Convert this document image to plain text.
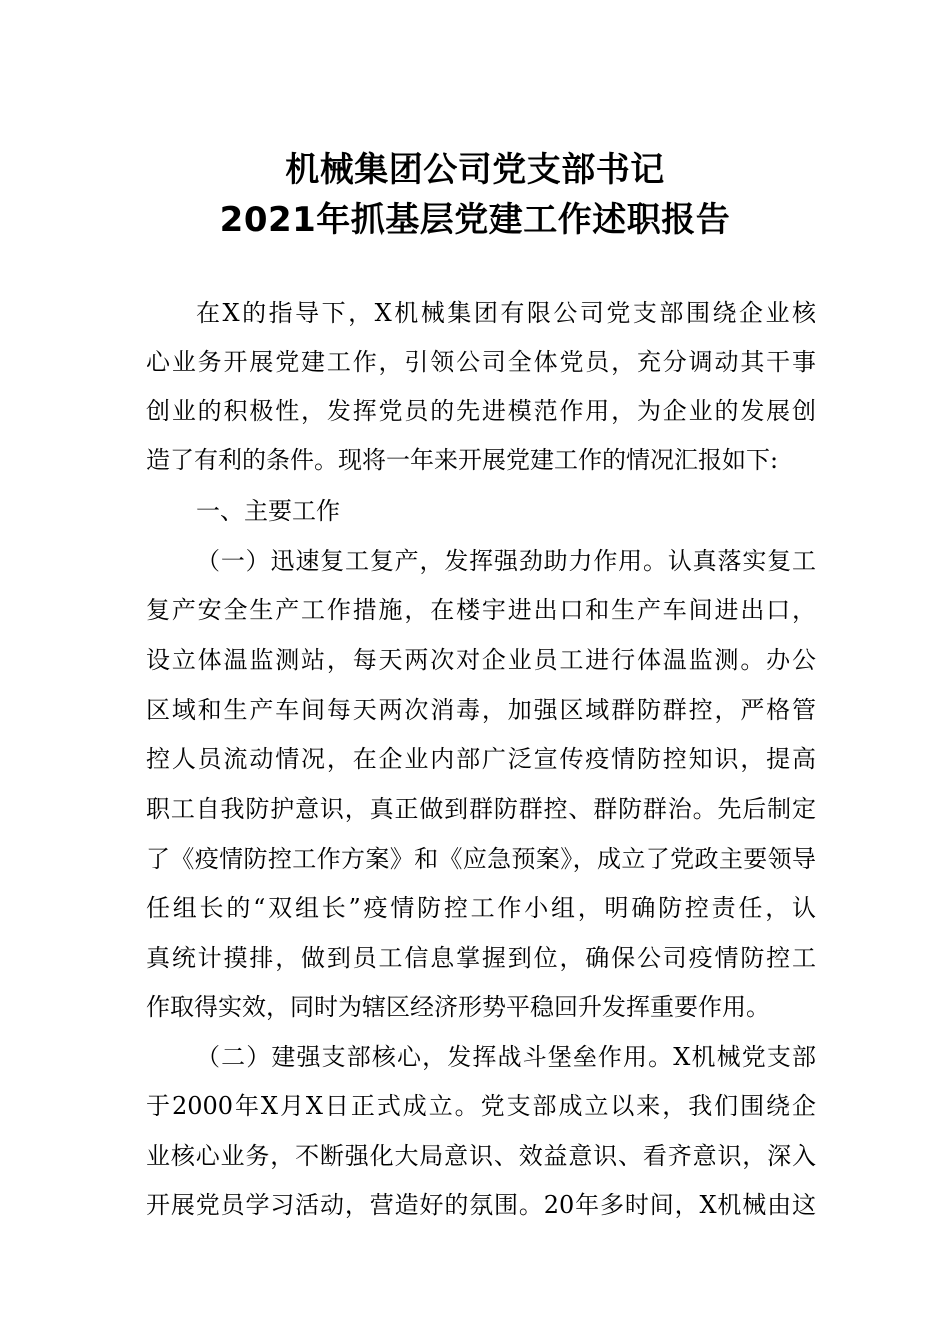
机械集团公司党支部书记
2021年抓基层党建工作述职报告
在X的指导下，X机械集团有限公司党支部围绕企业核
心业务开展党建工作，引领公司全体党员，充分调动其干事
创业的积极性，发挥党员的先进模范作用，为企业的发展创
造了有利的条件。现将一年来开展党建工作的情况汇报如下:
一、主要工作
（一）迅速复工复产，发挥强劲助力作用。认真落实复工
复产安全生产工作措施，在楼宇进出口和生产车间进出口，
设立体温监测站，每天两次对企业员工进行体温监测。办公
区域和生产车间每天两次消毒，加强区域群防群控，严格管
控人员流动情况，在企业内部广泛宣传疫情防控知识，提高
职工自我防护意识，真正做到群防群控、群防群治。先后制定
了《疫情防控工作方案》和《应急预案》，成立了党政主要领导
任组长的“双组长”疫情防控工作小组，明确防控责任，认
真统计摸排，做到员工信息掌握到位，确保公司疫情防控工
作取得实效，同时为辖区经济形势平稳回升发挥重要作用。
（二）建强支部核心，发挥战斗堡垒作用。X机械党支部
于2000年X月X日正式成立。党支部成立以来，我们围绕企
业核心业务，不断强化大局意识、效益意识、看齐意识，深入
开展党员学习活动，营造好的氛围。20年多时间，X机械由这
